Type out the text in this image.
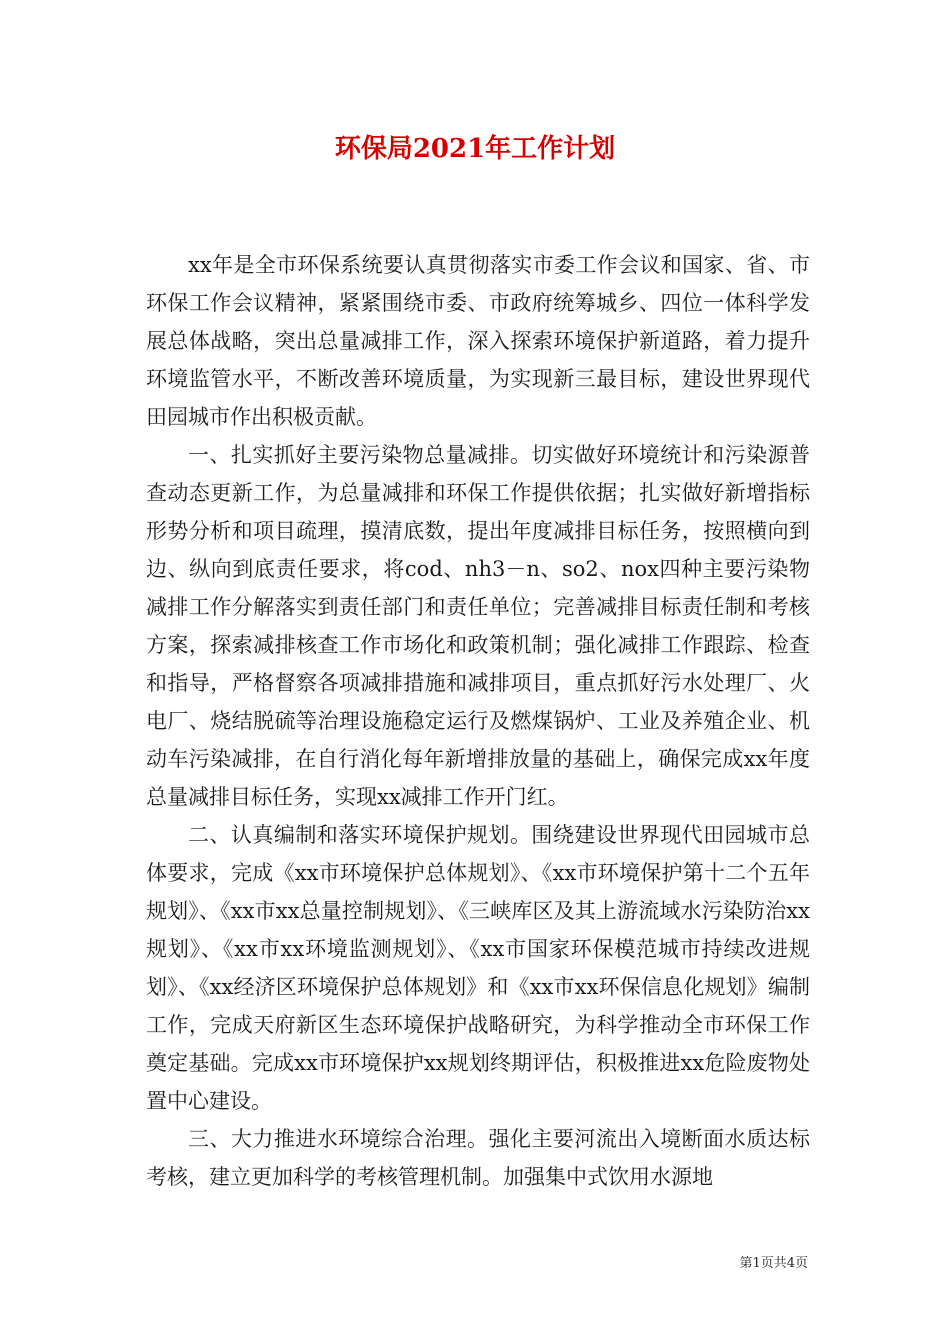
环保局2021年工作计划

xx年是全市环保系统要认真贯彻落实市委工作会议和国家、省、市环保工作会议精神，紧紧围绕市委、市政府统筹城乡、四位一体科学发展总体战略，突出总量减排工作，深入探索环境保护新道路，着力提升环境监管水平，不断改善环境质量，为实现新三最目标，建设世界现代田园城市作出积极贡献。

一、扎实抓好主要污染物总量减排。切实做好环境统计和污染源普查动态更新工作，为总量减排和环保工作提供依据；扎实做好新增指标形势分析和项目疏理，摸清底数，提出年度减排目标任务，按照横向到边、纵向到底责任要求，将cod、nh3－n、so2、nox四种主要污染物减排工作分解落实到责任部门和责任单位；完善减排目标责任制和考核方案，探索减排核查工作市场化和政策机制；强化减排工作跟踪、检查和指导，严格督察各项减排措施和减排项目，重点抓好污水处理厂、火电厂、烧结脱硫等治理设施稳定运行及燃煤锅炉、工业及养殖企业、机动车污染减排，在自行消化每年新增排放量的基础上，确保完成xx年度总量减排目标任务，实现xx减排工作开门红。

二、认真编制和落实环境保护规划。围绕建设世界现代田园城市总体要求，完成《xx市环境保护总体规划》、《xx市环境保护第十二个五年规划》、《xx市xx总量控制规划》、《三峡库区及其上游流域水污染防治xx规划》、《xx市xx环境监测规划》、《xx市国家环保模范城市持续改进规划》、《xx经济区环境保护总体规划》和《xx市xx环保信息化规划》编制工作，完成天府新区生态环境保护战略研究，为科学推动全市环保工作奠定基础。完成xx市环境保护xx规划终期评估，积极推进xx危险废物处置中心建设。

三、大力推进水环境综合治理。强化主要河流出入境断面水质达标考核，建立更加科学的考核管理机制。加强集中式饮用水源地

第1页共4页
